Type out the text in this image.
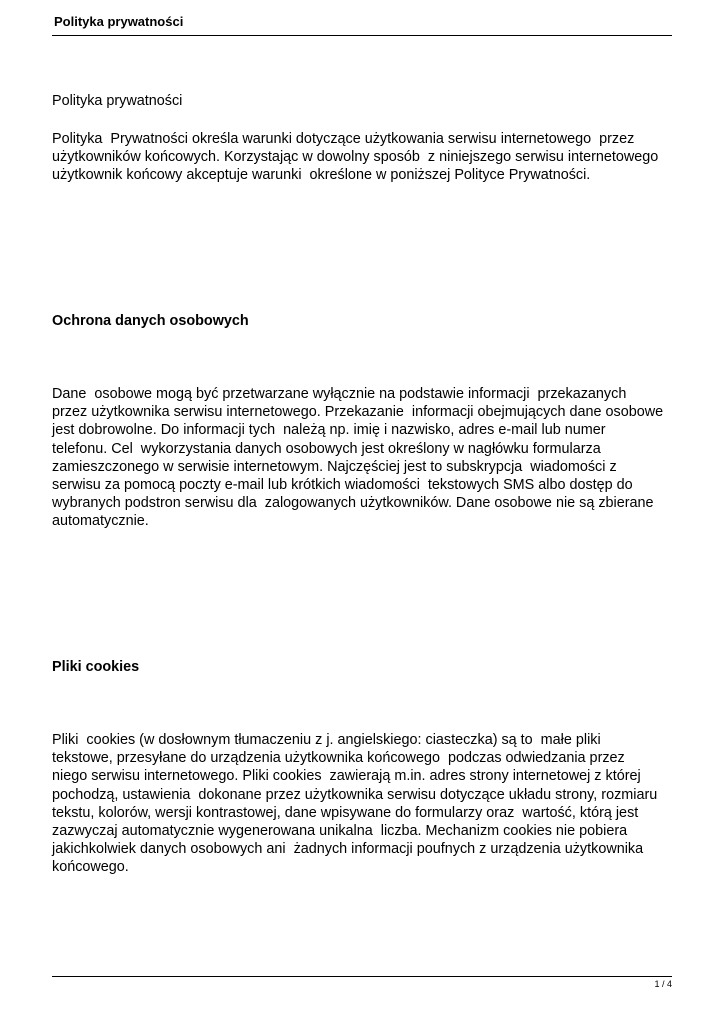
Polityka prywatności
Polityka prywatności
Polityka  Prywatności określa warunki dotyczące użytkowania serwisu internetowego  przez
użytkowników końcowych. Korzystając w dowolny sposób  z niniejszego serwisu internetowego
użytkownik końcowy akceptuje warunki  określone w poniższej Polityce Prywatności.
Ochrona danych osobowych
Dane  osobowe mogą być przetwarzane wyłącznie na podstawie informacji  przekazanych
przez użytkownika serwisu internetowego. Przekazanie  informacji obejmujących dane osobowe
jest dobrowolne. Do informacji tych  należą np. imię i nazwisko, adres e-mail lub numer
telefonu. Cel  wykorzystania danych osobowych jest określony w nagłówku formularza
zamieszczonego w serwisie internetowym. Najczęściej jest to subskrypcja  wiadomości z
serwisu za pomocą poczty e-mail lub krótkich wiadomości  tekstowych SMS albo dostęp do
wybranych podstron serwisu dla  zalogowanych użytkowników. Dane osobowe nie są zbierane
automatycznie.
Pliki cookies
Pliki  cookies (w dosłownym tłumaczeniu z j. angielskiego: ciasteczka) są to  małe pliki
tekstowe, przesyłane do urządzenia użytkownika końcowego  podczas odwiedzania przez
niego serwisu internetowego. Pliki cookies  zawierają m.in. adres strony internetowej z której
pochodzą, ustawienia  dokonane przez użytkownika serwisu dotyczące układu strony, rozmiaru
tekstu, kolorów, wersji kontrastowej, dane wpisywane do formularzy oraz  wartość, którą jest
zazwyczaj automatycznie wygenerowana unikalna  liczba. Mechanizm cookies nie pobiera
jakichkolwiek danych osobowych ani  żadnych informacji poufnych z urządzenia użytkownika
końcowego.
1 / 4
